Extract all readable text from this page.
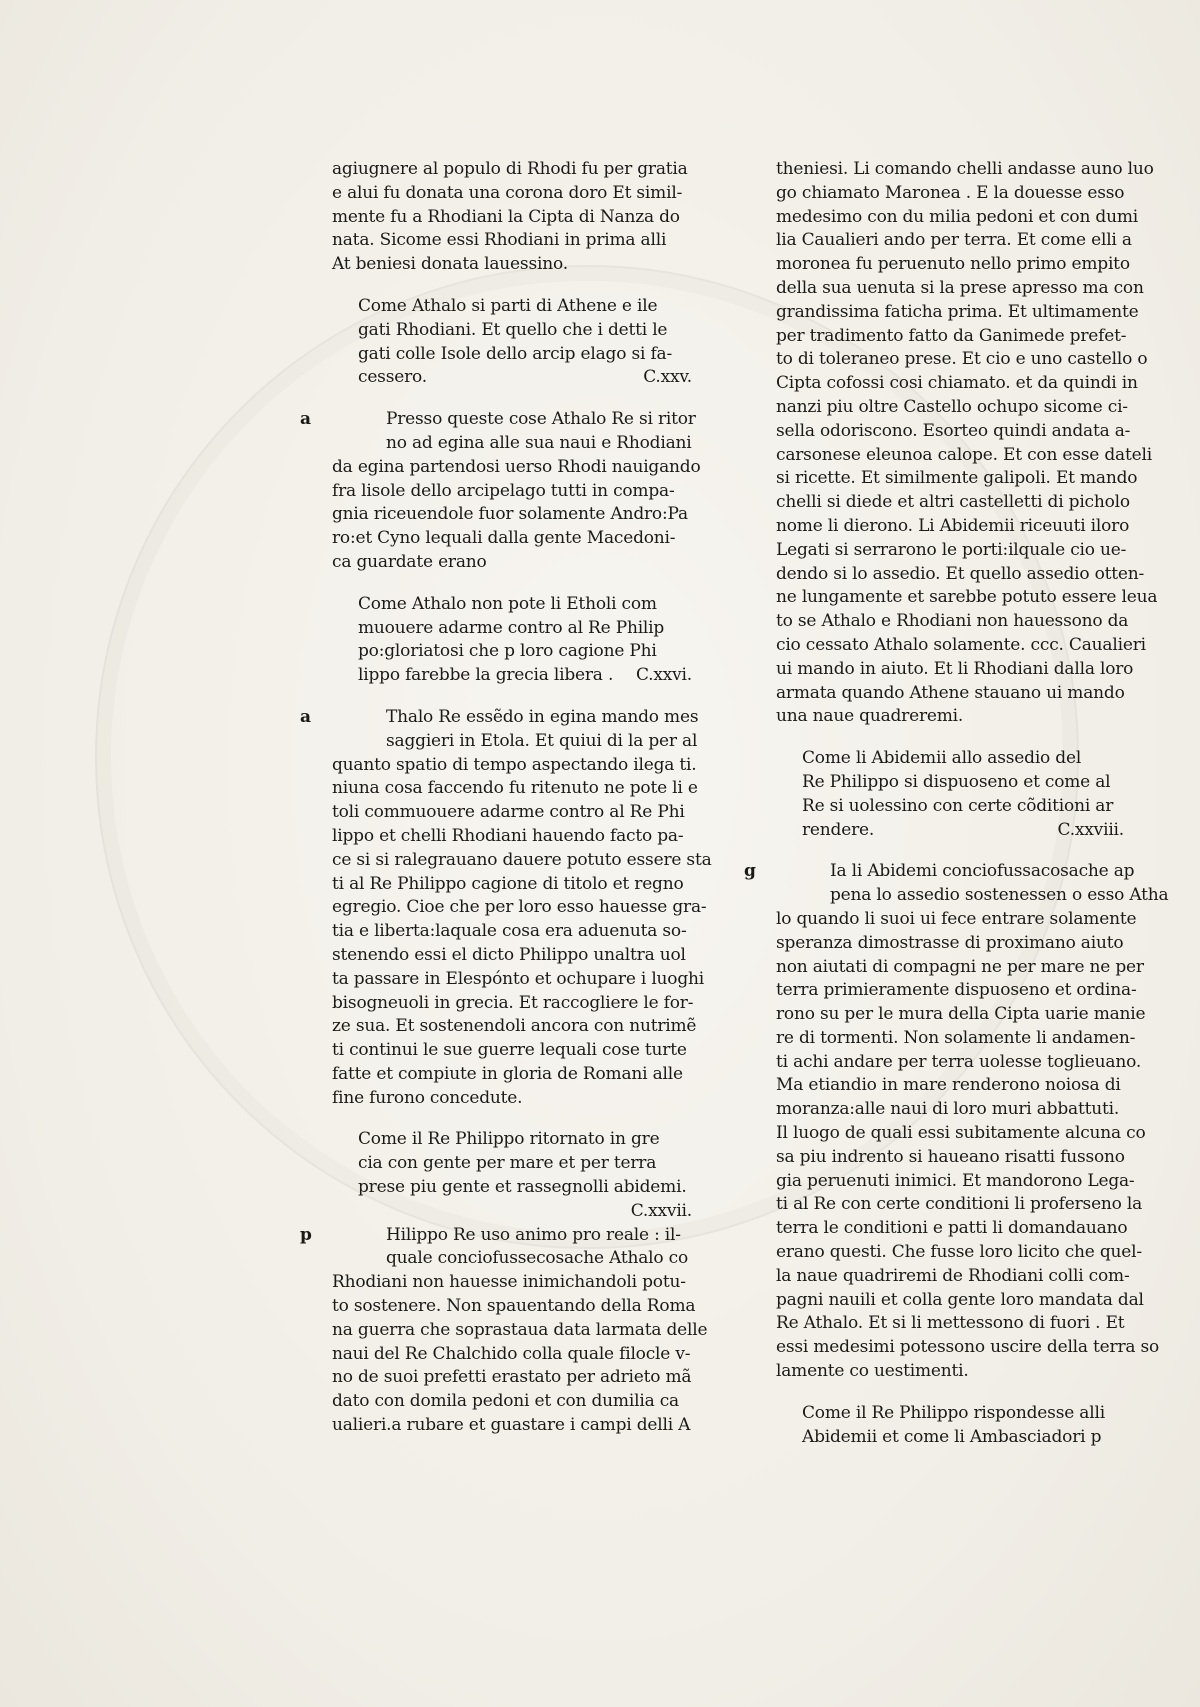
agiugnere al populo di Rhodi fu per gratia
e alui fu donata una corona doro Et simil-
mente fu a Rhodiani la Cipta di Nanza do
nata. Sicome essi Rhodiani in prima alli
At beniesi donata lauessino.
Come Athalo si parti di Athene e ile
gati Rhodiani. Et quello che i detti le
gati colle Isole dello arcip elago si fa-
cessero.	C.xxv.
a	Presso queste cose Athalo Re si ritor
no ad egina alle sua naui e Rhodiani
da egina partendosi uerso Rhodi nauigando
fra lisole dello arcipelago tutti in compa-
gnia riceuendole fuor solamente Andro:Pa
ro:et Cyno lequali dalla gente Macedoni-
ca guardate erano
Come Athalo non pote li Etholi com
muouere adarme contro al Re Philip
po:gloriatosi che p loro cagione Phi
lippo farebbe la grecia libera . C.xxvi.
a	Thalo Re essẽdo in egina mando mes
saggieri in Etola. Et quiui di la per al
quanto spatio di tempo aspectando ilega ti.
niuna cosa faccendo fu ritenuto ne pote li e
toli commuouere adarme contro al Re Phi
lippo et chelli Rhodiani hauendo facto pa-
ce si si ralegrauano dauere potuto essere sta
ti al Re Philippo cagione di titolo et regno
egregio. Cioe che per loro esso hauesse gra-
tia e liberta:laquale cosa era aduenuta so-
stenendo essi el dicto Philippo unaltra uol
ta passare in Elespónto et ochupare i luoghi
bisogneuoli in grecia. Et raccogliere le for-
ze sua. Et sostenendoli ancora con nutrimẽ
ti continui le sue guerre lequali cose turte
fatte et compiute in gloria de Romani alle
fine furono concedute.
Come il Re Philippo ritornato in gre
cia con gente per mare et per terra
prese piu gente et rassegnolli abidemi.
C.xxvii.
p	Hilippo Re uso animo pro reale : il-
quale conciofussecosache Athalo co
Rhodiani non hauesse inimichandoli potu-
to sostenere. Non spauentando della Roma
na guerra che soprastaua data larmata delle
naui del Re Chalchido colla quale filocle v-
no de suoi prefetti erastato per adrieto mã
dato con domila pedoni et con dumilia ca
ualieri.a rubare et guastare i campi delli A
theniesi. Li comando chelli andasse auno luo
go chiamato Maronea . E la douesse esso
medesimo con du milia pedoni et con dumi
lia Caualieri ando per terra. Et come elli a
moronea fu peruenuto nello primo empito
della sua uenuta si la prese apresso ma con
grandissima faticha prima. Et ultimamente
per tradimento fatto da Ganimede prefet-
to di toleraneo prese. Et cio e uno castello o
Cipta cofossi cosi chiamato. et da quindi in
nanzi piu oltre Castello ochupo sicome ci-
sella odoriscono. Esorteo quindi andata a-
carsonese eleunoa calope. Et con esse dateli
si ricette. Et similmente galipoli. Et mando
chelli si diede et altri castelletti di picholo
nome li dierono. Li Abidemii riceuuti iloro
Legati si serrarono le porti:ilquale cio ue-
dendo si lo assedio. Et quello assedio otten-
ne lungamente et sarebbe potuto essere leua
to se Athalo e Rhodiani non hauessono da
cio cessato Athalo solamente. ccc. Caualieri
ui mando in aiuto. Et li Rhodiani dalla loro
armata quando Athene stauano ui mando
una naue quadreremi.
Come li Abidemii allo assedio del
Re Philippo si dispuoseno et come al
Re si uolessino con certe cõditioni ar
rendere.	C.xxviii.
g	Ia li Abidemi conciofussacosache ap
pena lo assedio sostenessen o esso Atha
lo quando li suoi ui fece entrare solamente
speranza dimostrasse di proximano aiuto
non aiutati di compagni ne per mare ne per
terra primieramente dispuoseno et ordina-
rono su per le mura della Cipta uarie manie
re di tormenti. Non solamente li andamen-
ti achi andare per terra uolesse toglieuano.
Ma etiandio in mare renderono noiosa di
moranza:alle naui di loro muri abbattuti.
Il luogo de quali essi subitamente alcuna co
sa piu indrento si haueano risatti fussono
gia peruenuti inimici. Et mandorono Lega-
ti al Re con certe conditioni li proferseno la
terra le conditioni e patti li domandauano
erano questi. Che fusse loro licito che quel-
la naue quadriremi de Rhodiani colli com-
pagni nauili et colla gente loro mandata dal
Re Athalo. Et si li mettessono di fuori . Et
essi medesimi potessono uscire della terra so
lamente co uestimenti.
Come il Re Philippo rispondesse alli
Abidemii et come li Ambasciadori p
